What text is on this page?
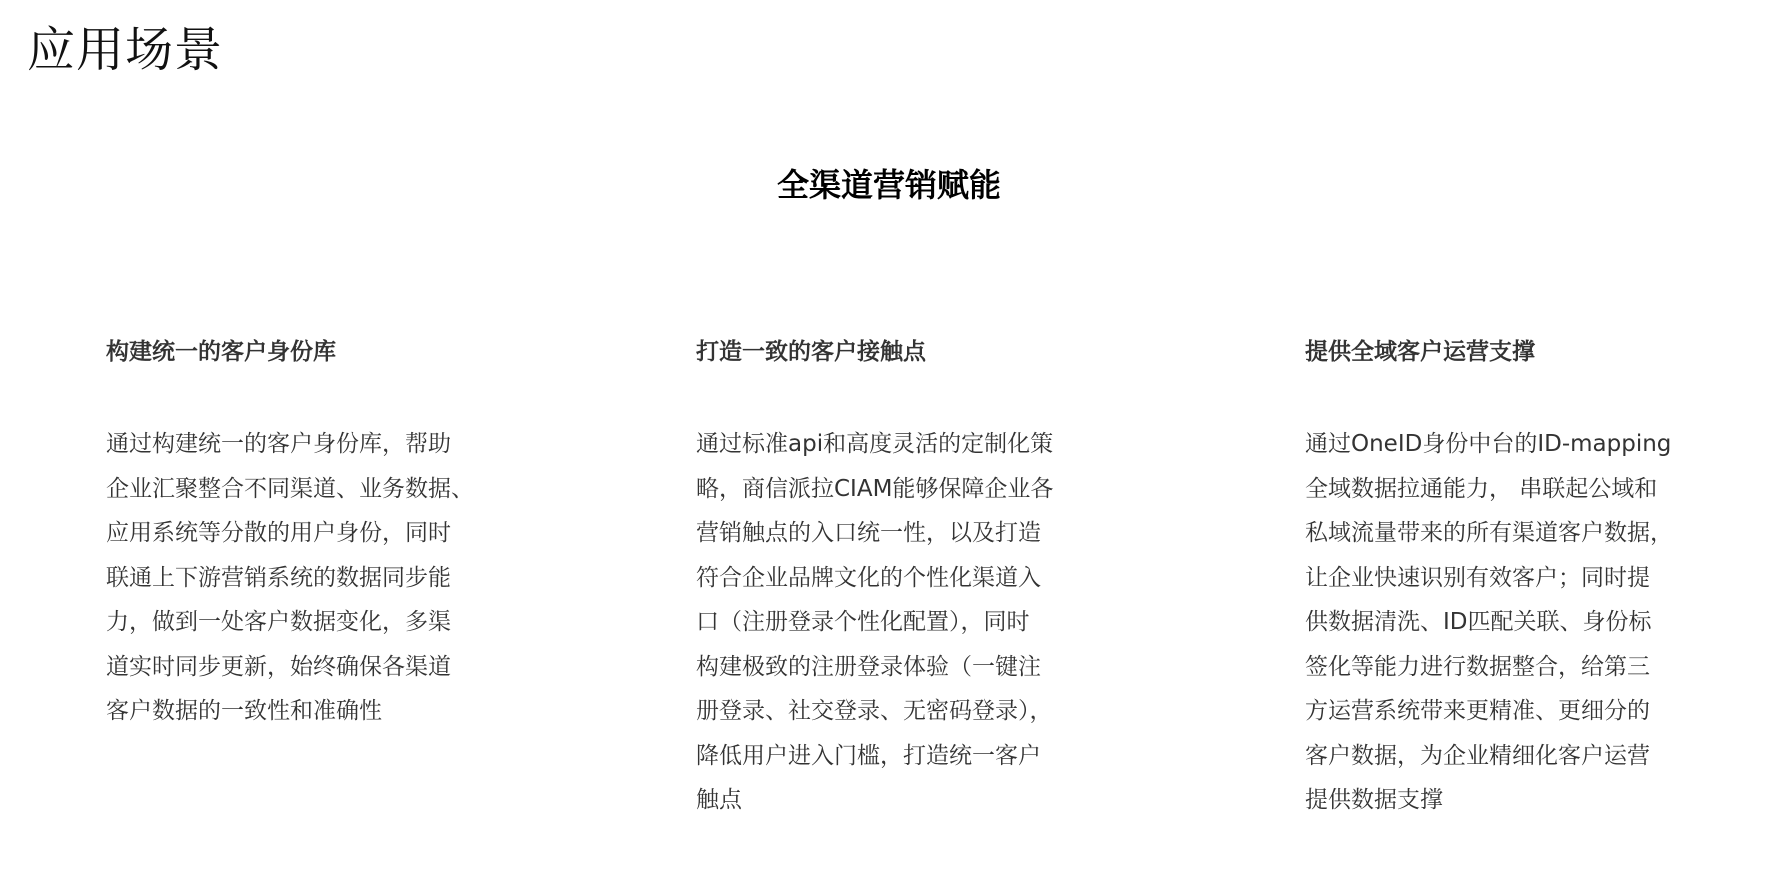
应用场景
全渠道营销赋能
构建统一的客户身份库

通过构建统一的客户身份库，帮助
企业汇聚整合不同渠道、业务数据、
应用系统等分散的用户身份，同时
联通上下游营销系统的数据同步能
力，做到一处客户数据变化，多渠
道实时同步更新，始终确保各渠道
客户数据的一致性和准确性

打造一致的客户接触点

通过标准api和高度灵活的定制化策
略，商信派拉CIAM能够保障企业各
营销触点的入口统一性，以及打造
符合企业品牌文化的个性化渠道入
口（注册登录个性化配置），同时
构建极致的注册登录体验（一键注
册登录、社交登录、无密码登录），
降低用户进入门槛，打造统一客户
触点

提供全域客户运营支撑

通过OneID身份中台的ID-mapping
全域数据拉通能力， 串联起公域和
私域流量带来的所有渠道客户数据，
让企业快速识别有效客户；同时提
供数据清洗、ID匹配关联、身份标
签化等能力进行数据整合，给第三
方运营系统带来更精准、更细分的
客户数据，为企业精细化客户运营
提供数据支撑
